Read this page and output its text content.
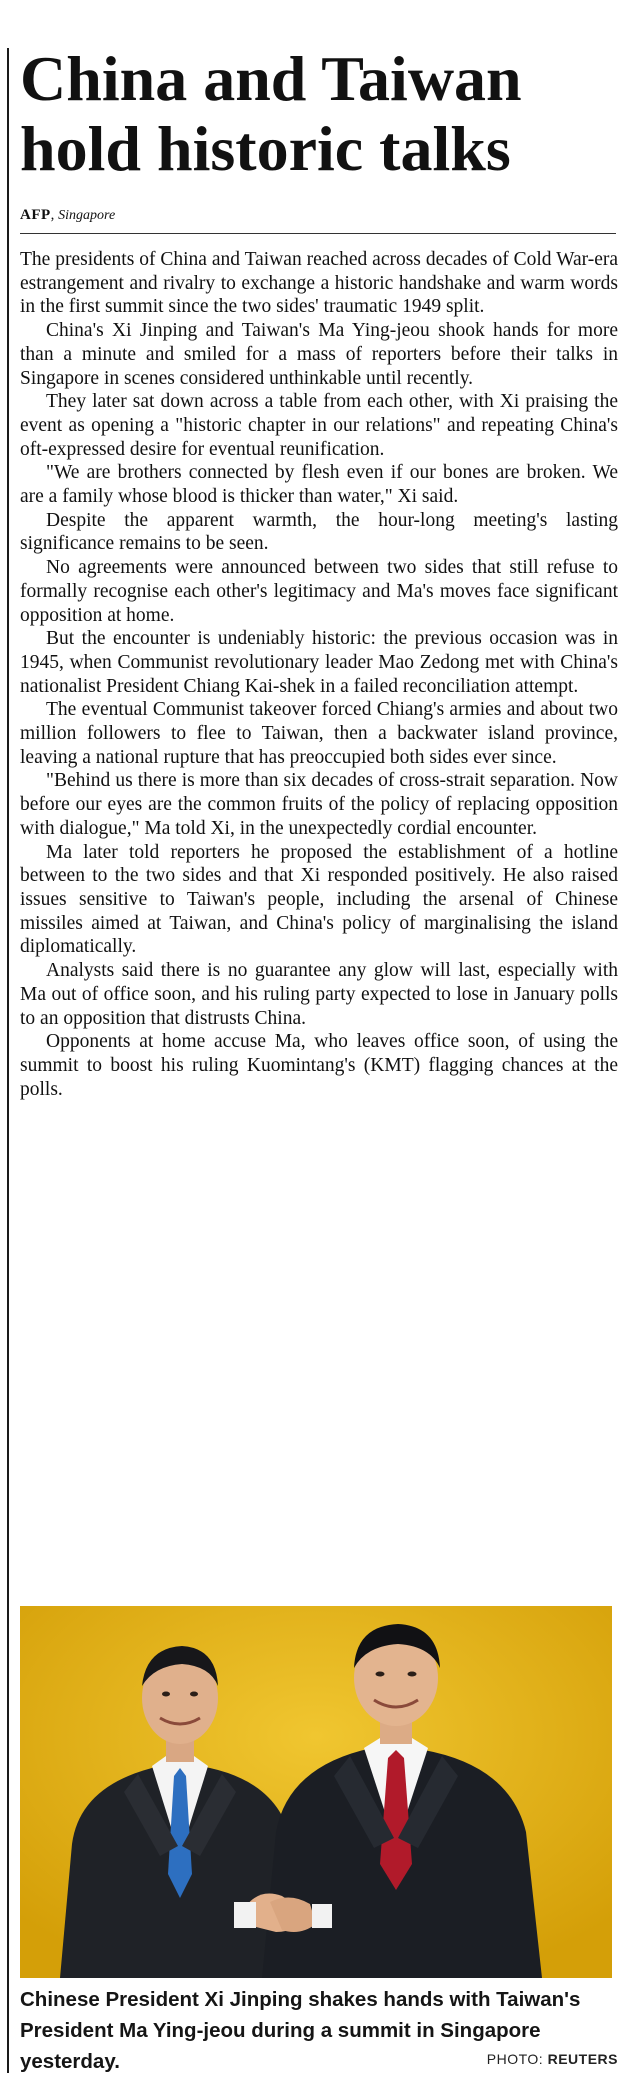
China and Taiwan hold historic talks
AFP, Singapore

The presidents of China and Taiwan reached across decades of Cold War-era estrangement and rivalry to exchange a historic handshake and warm words in the first summit since the two sides' traumatic 1949 split.

China's Xi Jinping and Taiwan's Ma Ying-jeou shook hands for more than a minute and smiled for a mass of reporters before their talks in Singapore in scenes considered unthinkable until recently.

They later sat down across a table from each other, with Xi praising the event as opening a "historic chapter in our relations" and repeating China's oft-expressed desire for eventual reunification.

"We are brothers connected by flesh even if our bones are broken. We are a family whose blood is thicker than water," Xi said.

Despite the apparent warmth, the hour-long meeting's lasting significance remains to be seen.

No agreements were announced between two sides that still refuse to formally recognise each other's legitimacy and Ma's moves face significant opposition at home.

But the encounter is undeniably historic: the previous occasion was in 1945, when Communist revolutionary leader Mao Zedong met with China's nationalist President Chiang Kai-shek in a failed reconciliation attempt.

The eventual Communist takeover forced Chiang's armies and about two million followers to flee to Taiwan, then a backwater island province, leaving a national rupture that has preoccupied both sides ever since.

"Behind us there is more than six decades of cross-strait separation. Now before our eyes are the common fruits of the policy of replacing opposition with dialogue," Ma told Xi, in the unexpectedly cordial encounter.

Ma later told reporters he proposed the establishment of a hotline between to the two sides and that Xi responded positively. He also raised issues sensitive to Taiwan's people, including the arsenal of Chinese missiles aimed at Taiwan, and China's policy of marginalising the island diplomatically.

Analysts said there is no guarantee any glow will last, especially with Ma out of office soon, and his ruling party expected to lose in January polls to an opposition that distrusts China.

Opponents at home accuse Ma, who leaves office soon, of using the summit to boost his ruling Kuomintang's (KMT) flagging chances at the polls.

Chinese President Xi Jinping shakes hands with Taiwan's President Ma Ying-jeou during a summit in Singapore yesterday.	PHOTO: REUTERS
